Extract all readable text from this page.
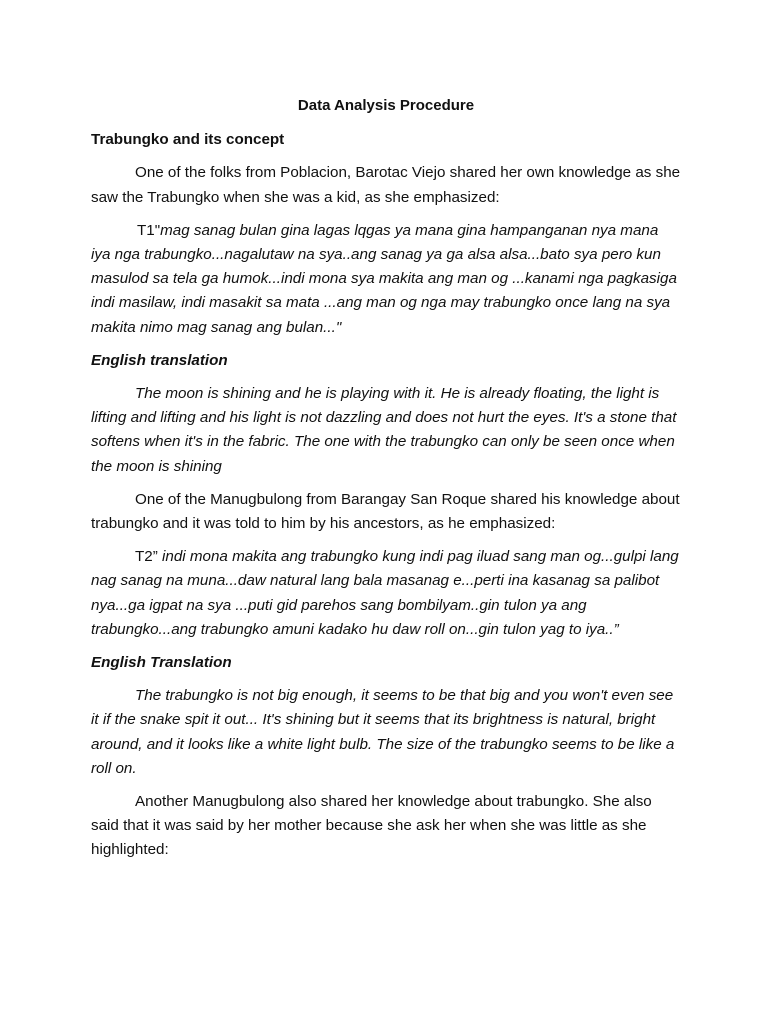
Data Analysis Procedure
Trabungko and its concept

One of the folks from Poblacion, Barotac Viejo shared her own knowledge as she saw the Trabungko when she was a kid, as she emphasized:

T1"mag sanag bulan gina lagas lqgas ya mana gina hampanganan nya mana iya nga trabungko...nagalutaw na sya..ang sanag ya ga alsa alsa...bato sya pero kun masulod sa tela ga humok...indi mona sya makita ang man og ...kanami nga pagkasiga indi masilaw, indi masakit sa mata ...ang man og nga may trabungko once lang na sya makita nimo mag sanag ang bulan..."

English translation

The moon is shining and he is playing with it. He is already floating, the light is lifting and lifting and his light is not dazzling and does not hurt the eyes. It's a stone that softens when it's in the fabric. The one with the trabungko can only be seen once when the moon is shining

One of the Manugbulong from Barangay San Roque shared his knowledge about trabungko and it was told to him by his ancestors, as he emphasized:

T2” indi mona makita ang trabungko kung indi pag iluad sang man og...gulpi lang nag sanag na muna...daw natural lang bala masanag e...perti ina kasanag sa palibot nya...ga igpat na sya ...puti gid parehos sang bombilyam..gin tulon ya ang trabungko...ang trabungko amuni kadako hu daw roll on...gin tulon yag to iya..”

English Translation

The trabungko is not big enough, it seems to be that big and you won't even see it if the snake spit it out... It's shining but it seems that its brightness is natural, bright around, and it looks like a white light bulb. The size of the trabungko seems to be like a roll on.

Another Manugbulong also shared her knowledge about trabungko. She also said that it was said by her mother because she ask her when she was little as she highlighted:
